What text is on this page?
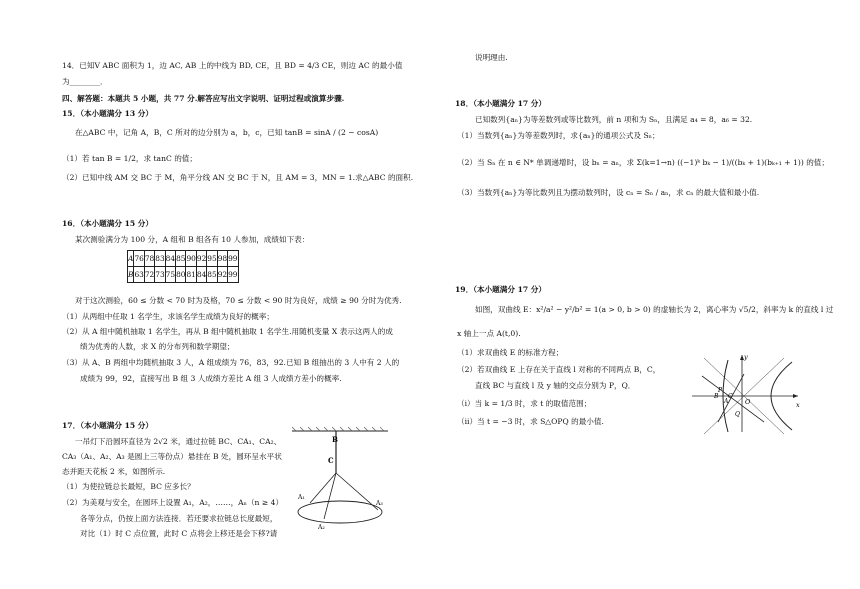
14．已知V ABC 面积为 1，边 AC, AB 上的中线为 BD, CE，且 BD = 4/3 CE，则边 AC 的最小值
为________．
四、解答题：本题共 5 小题，共 77 分.解答应写出文字说明、证明过程或演算步骤.
15．（本小题满分 13 分）
在△ABC 中，记角 A，B，C 所对的边分别为 a，b，c，已知 tanB = sinA / (2 − cosA)
（1）若 tan B = 1/2，求 tanC 的值；
（2）已知中线 AM 交 BC 于 M，角平分线 AN 交 BC 于 N，且 AM = 3，MN = 1.求△ABC 的面积.
16．（本小题满分 15 分）
某次测验满分为 100 分，A 组和 B 组各有 10 人参加，成绩如下表：
A	76	78	83	84	85	90	92	95	98	99
B	63	72	73	75	80	81	84	85	92	99
对于这次测验，60 ≤ 分数 < 70 时为及格，70 ≤ 分数 < 90 时为良好，成绩 ≥ 90 分时为优秀.
（1）从两组中任取 1 名学生，求该名学生成绩为良好的概率；
（2）从 A 组中随机抽取 1 名学生，再从 B 组中随机抽取 1 名学生.用随机变量 X 表示这两人的成
绩为优秀的人数，求 X 的分布列和数学期望；
（3）从 A、B 两组中均随机抽取 3 人，A 组成绩为 76，83，92.已知 B 组抽出的 3 人中有 2 人的
成绩为 99，92，直接写出 B 组 3 人成绩方差比 A 组 3 人成绩方差小的概率.
17．（本小题满分 15 分）
一吊灯下沿圆环直径为 2√2 米，通过拉链 BC、CA₁、CA₂、
CA₃（A₁、A₂、A₃ 是圆上三等份点）悬挂在 B 处，圆环呈水平状
态并距天花板 2 米，如图所示.
（1）为使拉链总长最短，BC 应多长？
（2）为美观与安全，在圆环上设置 A₁，A₂，……，Aₙ（n ≥ 4）
各等分点，仍按上面方法连接．若还要求拉链总长度最短，
对比（1）时 C 点位置，此时 C 点将会上移还是会下移?请
B
C
A₁
A₂
A₃
说明理由.
18．（本小题满分 17 分）
已知数列{aₙ}为等差数列或等比数列，前 n 项和为 Sₙ，且满足 a₄ = 8，a₆ = 32.
（1）当数列{aₙ}为等差数列时，求{aₙ}的通项公式及 Sₙ；
（2）当 Sₙ 在 n ∈ N* 单调递增时，设 bₙ = aₙ，求 Σ(k=1→n) ((−1)ᵏ bₖ − 1)/((bₖ + 1)(bₖ₊₁ + 1)) 的值；
（3）当数列{aₙ}为等比数列且为摆动数列时，设 cₙ = Sₙ / aₙ，求 cₙ 的最大值和最小值.
19．（本小题满分 17 分）
如图，双曲线 E：x²/a² − y²/b² = 1(a > 0, b > 0) 的虚轴长为 2，离心率为 √5/2，斜率为 k 的直线 l 过
x 轴上一点 A(t,0).
（1）求双曲线 E 的标准方程；
（2）若双曲线 E 上存在关于直线 l 对称的不同两点 B，C，
直线 BC 与直线 l 及 y 轴的交点分别为 P，Q．
（i）当 k = 1/3 时，求 t 的取值范围；
（ii）当 t = −3 时，求 S△OPQ 的最小值.
y
x
O
P
Q
B C
A
